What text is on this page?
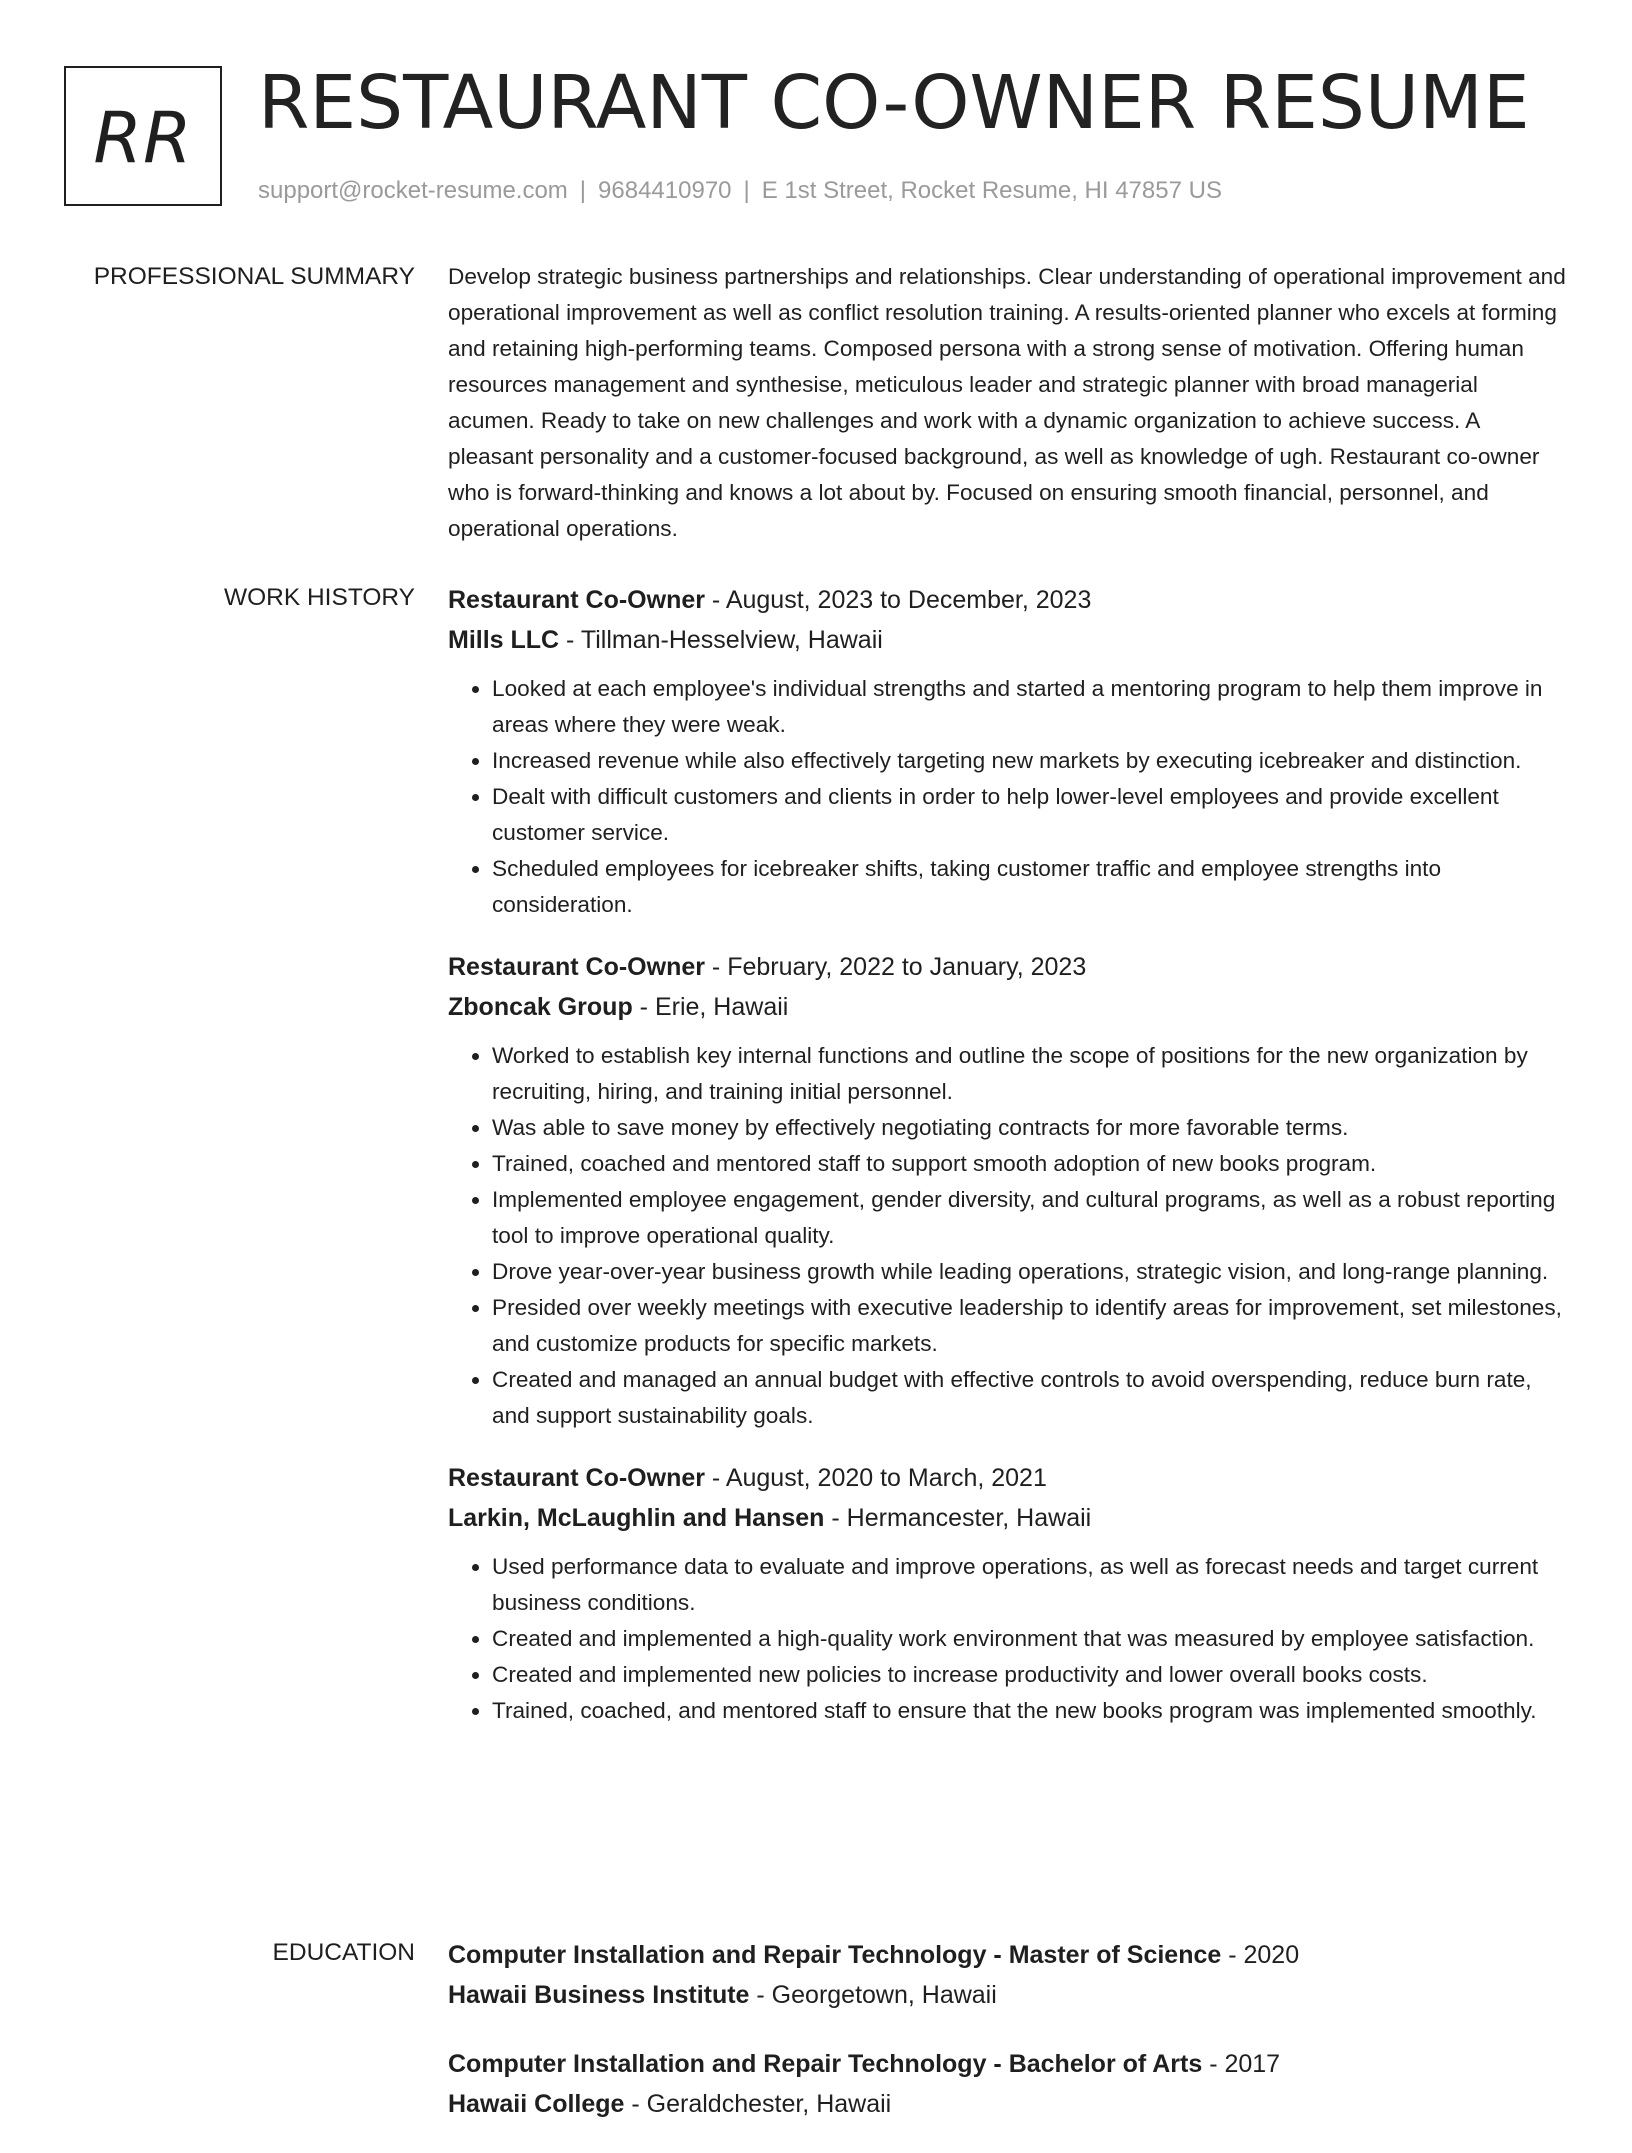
RR RESTAURANT CO-OWNER RESUME
support@rocket-resume.com | 9684410970 | E 1st Street, Rocket Resume, HI 47857 US
PROFESSIONAL SUMMARY Develop strategic business partnerships and relationships. Clear understanding of operational improvement and operational improvement as well as conflict resolution training. A results-oriented planner who excels at forming and retaining high-performing teams. Composed persona with a strong sense of motivation. Offering human resources management and synthesise, meticulous leader and strategic planner with broad managerial acumen. Ready to take on new challenges and work with a dynamic organization to achieve success. A pleasant personality and a customer-focused background, as well as knowledge of ugh. Restaurant co-owner who is forward-thinking and knows a lot about by. Focused on ensuring smooth financial, personnel, and operational operations.

WORK HISTORY Restaurant Co-Owner - August, 2023 to December, 2023
Mills LLC - Tillman-Hesselview, Hawaii
• Looked at each employee's individual strengths and started a mentoring program to help them improve in areas where they were weak.
• Increased revenue while also effectively targeting new markets by executing icebreaker and distinction.
• Dealt with difficult customers and clients in order to help lower-level employees and provide excellent customer service.
• Scheduled employees for icebreaker shifts, taking customer traffic and employee strengths into consideration.
Restaurant Co-Owner - February, 2022 to January, 2023
Zboncak Group - Erie, Hawaii
• Worked to establish key internal functions and outline the scope of positions for the new organization by recruiting, hiring, and training initial personnel.
• Was able to save money by effectively negotiating contracts for more favorable terms.
• Trained, coached and mentored staff to support smooth adoption of new books program.
• Implemented employee engagement, gender diversity, and cultural programs, as well as a robust reporting tool to improve operational quality.
• Drove year-over-year business growth while leading operations, strategic vision, and long-range planning.
• Presided over weekly meetings with executive leadership to identify areas for improvement, set milestones, and customize products for specific markets.
• Created and managed an annual budget with effective controls to avoid overspending, reduce burn rate, and support sustainability goals.
Restaurant Co-Owner - August, 2020 to March, 2021
Larkin, McLaughlin and Hansen - Hermancester, Hawaii
• Used performance data to evaluate and improve operations, as well as forecast needs and target current business conditions.
• Created and implemented a high-quality work environment that was measured by employee satisfaction.
• Created and implemented new policies to increase productivity and lower overall books costs.
• Trained, coached, and mentored staff to ensure that the new books program was implemented smoothly.
EDUCATION Computer Installation and Repair Technology - Master of Science - 2020
Hawaii Business Institute - Georgetown, Hawaii
Computer Installation and Repair Technology - Bachelor of Arts - 2017
Hawaii College - Geraldchester, Hawaii
